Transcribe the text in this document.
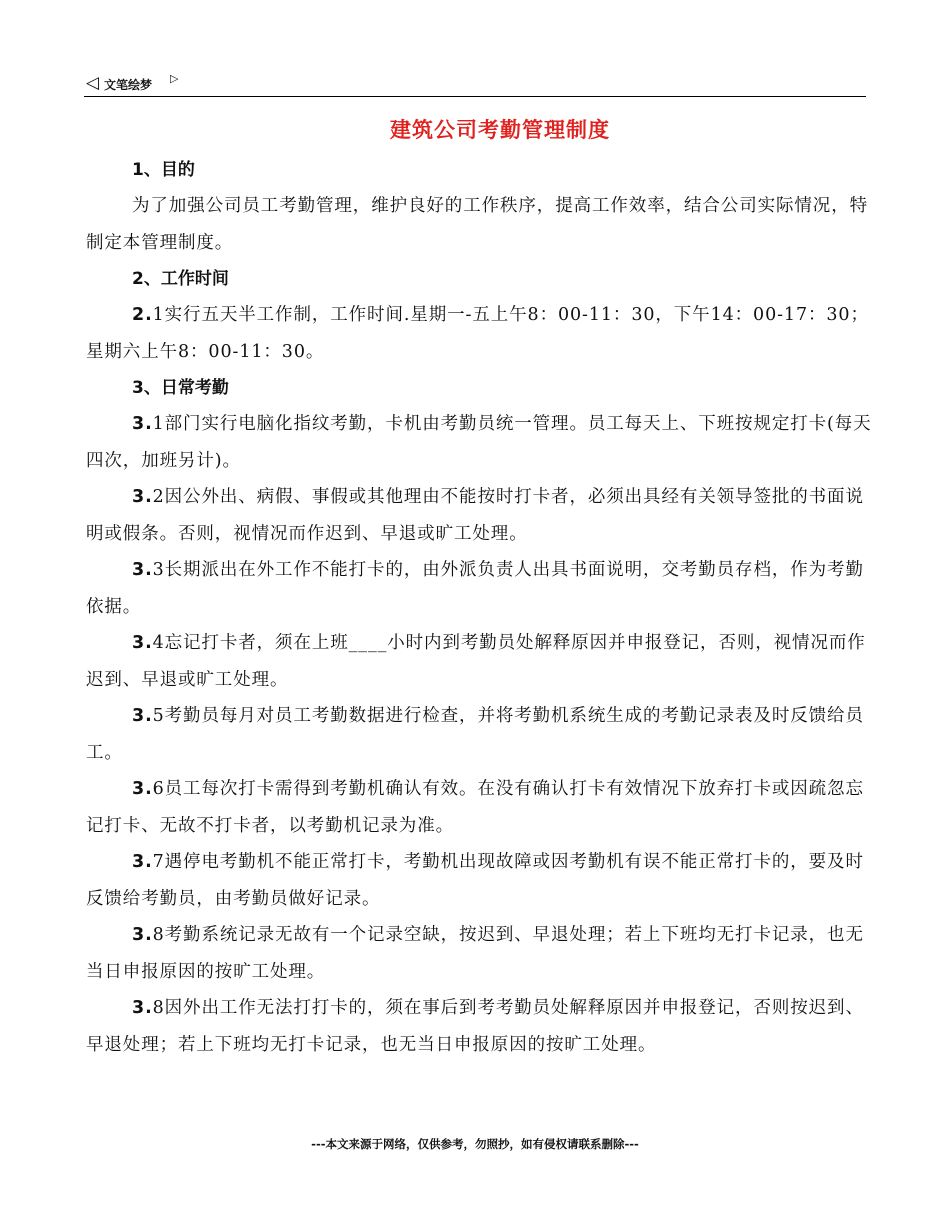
◁ 文笔绘梦 ▷
建筑公司考勤管理制度
1、目的

为了加强公司员工考勤管理，维护良好的工作秩序，提高工作效率，结合公司实际情况，特制定本管理制度。

2、工作时间

2.1实行五天半工作制，工作时间.星期一-五上午8：00-11：30，下午14：00-17：30；星期六上午8：00-11：30。

3、日常考勤

3.1部门实行电脑化指纹考勤，卡机由考勤员统一管理。员工每天上、下班按规定打卡(每天四次，加班另计)。

3.2因公外出、病假、事假或其他理由不能按时打卡者，必须出具经有关领导签批的书面说明或假条。否则，视情况而作迟到、早退或旷工处理。

3.3长期派出在外工作不能打卡的，由外派负责人出具书面说明，交考勤员存档，作为考勤依据。

3.4忘记打卡者，须在上班____小时内到考勤员处解释原因并申报登记，否则，视情况而作迟到、早退或旷工处理。

3.5考勤员每月对员工考勤数据进行检查，并将考勤机系统生成的考勤记录表及时反馈给员工。

3.6员工每次打卡需得到考勤机确认有效。在没有确认打卡有效情况下放弃打卡或因疏忽忘记打卡、无故不打卡者，以考勤机记录为准。

3.7遇停电考勤机不能正常打卡，考勤机出现故障或因考勤机有误不能正常打卡的，要及时反馈给考勤员，由考勤员做好记录。

3.8考勤系统记录无故有一个记录空缺，按迟到、早退处理；若上下班均无打卡记录，也无当日申报原因的按旷工处理。

3.8因外出工作无法打打卡的，须在事后到考考勤员处解释原因并申报登记，否则按迟到、早退处理；若上下班均无打卡记录，也无当日申报原因的按旷工处理。

---本文来源于网络，仅供参考，勿照抄，如有侵权请联系删除---
